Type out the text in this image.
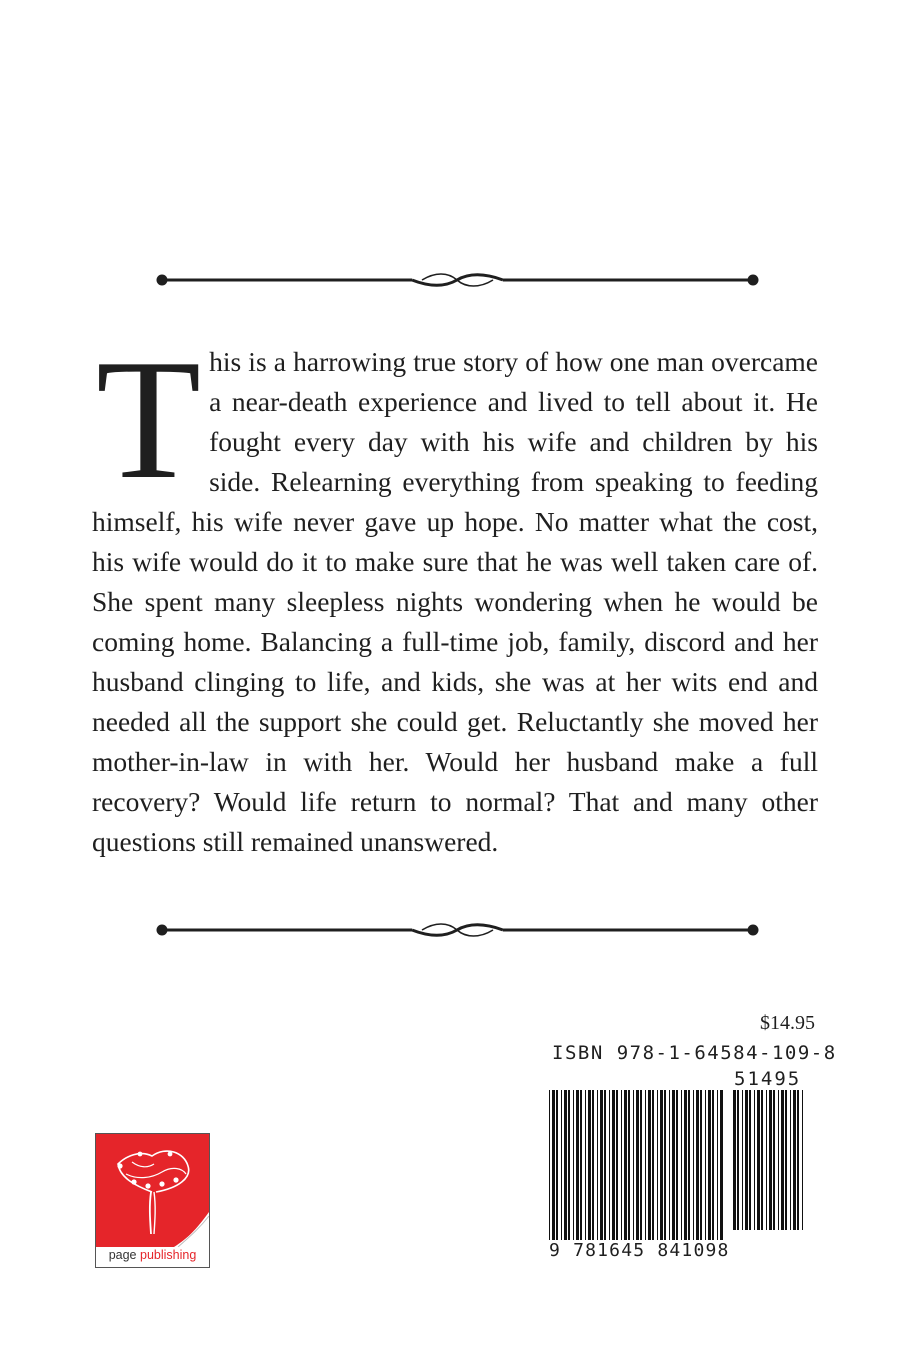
This is a harrowing true story of how one man overcame a near-death experience and lived to tell about it. He fought every day with his wife and children by his side. Relearning everything from speaking to feeding himself, his wife never gave up hope. No matter what the cost, his wife would do it to make sure that he was well taken care of. She spent many sleepless nights wondering when he would be coming home. Balancing a full-time job, family, discord and her husband clinging to life, and kids, she was at her wits end and needed all the support she could get. Reluctantly she moved her mother-in-law in with her. Would her husband make a full recovery? Would life return to normal? That and many other questions still remained unanswered.

page publishing
$14.95
ISBN 978-1-64584-109-8
51495
9 781645 841098
